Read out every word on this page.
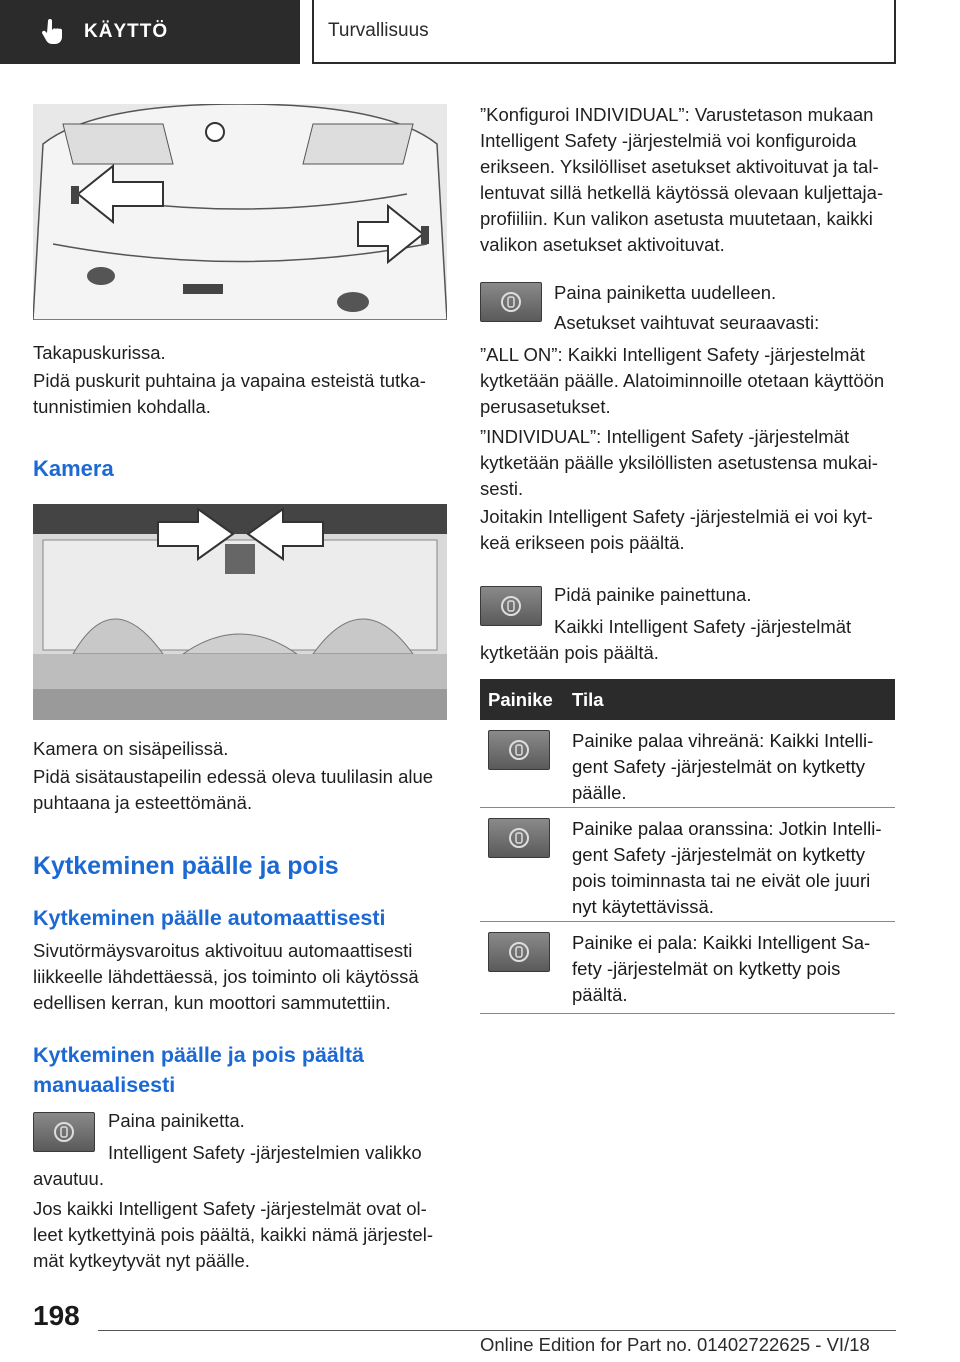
KÄYTTÖ	Turvallisuus
Takapuskurissa.
Pidä puskurit puhtaina ja vapaina esteistä tutka-tunnistimien kohdalla.
Kamera
Kamera on sisäpeilissä.
Pidä sisätaustapeilin edessä oleva tuulilasin alue puhtaana ja esteettömänä.
Kytkeminen päälle ja pois
Kytkeminen päälle automaattisesti
Sivutörmäysvaroitus aktivoituu automaattisesti liikkeelle lähdettäessä, jos toiminto oli käytössä edellisen kerran, kun moottori sammutettiin.
Kytkeminen päälle ja pois päältä manuaalisesti
Paina painiketta.
Intelligent Safety -järjestelmien valikko avautuu.
Jos kaikki Intelligent Safety -järjestelmät ovat ol-leet kytkettyinä pois päältä, kaikki nämä järjestel-mät kytkeytyvät nyt päälle.
”Konfiguroi INDIVIDUAL”: Varustetason mukaan Intelligent Safety -järjestelmiä voi konfiguroida erikseen. Yksilölliset asetukset aktivoituvat ja tal-lentuvat sillä hetkellä käytössä olevaan kuljettaja-profiiliin. Kun valikon asetusta muutetaan, kaikki valikon asetukset aktivoituvat.
Paina painiketta uudelleen.
Asetukset vaihtuvat seuraavasti:
”ALL ON”: Kaikki Intelligent Safety -järjestelmät kytketään päälle. Alatoiminnoille otetaan käyttöön perusasetukset.
”INDIVIDUAL”: Intelligent Safety -järjestelmät kytketään päälle yksilöllisten asetustensa mukai-sesti.
Joitakin Intelligent Safety -järjestelmiä ei voi kyt-keä erikseen pois päältä.
Pidä painike painettuna.
Kaikki Intelligent Safety -järjestelmät kytketään pois päältä.
Painike	Tila
Painike palaa vihreänä: Kaikki Intelli-gent Safety -järjestelmät on kytketty päälle.
Painike palaa oranssina: Jotkin Intelli-gent Safety -järjestelmät on kytketty pois toiminnasta tai ne eivät ole juuri nyt käytettävissä.
Painike ei pala: Kaikki Intelligent Sa-fety -järjestelmät on kytketty pois päältä.
198
Online Edition for Part no. 01402722625 - VI/18
